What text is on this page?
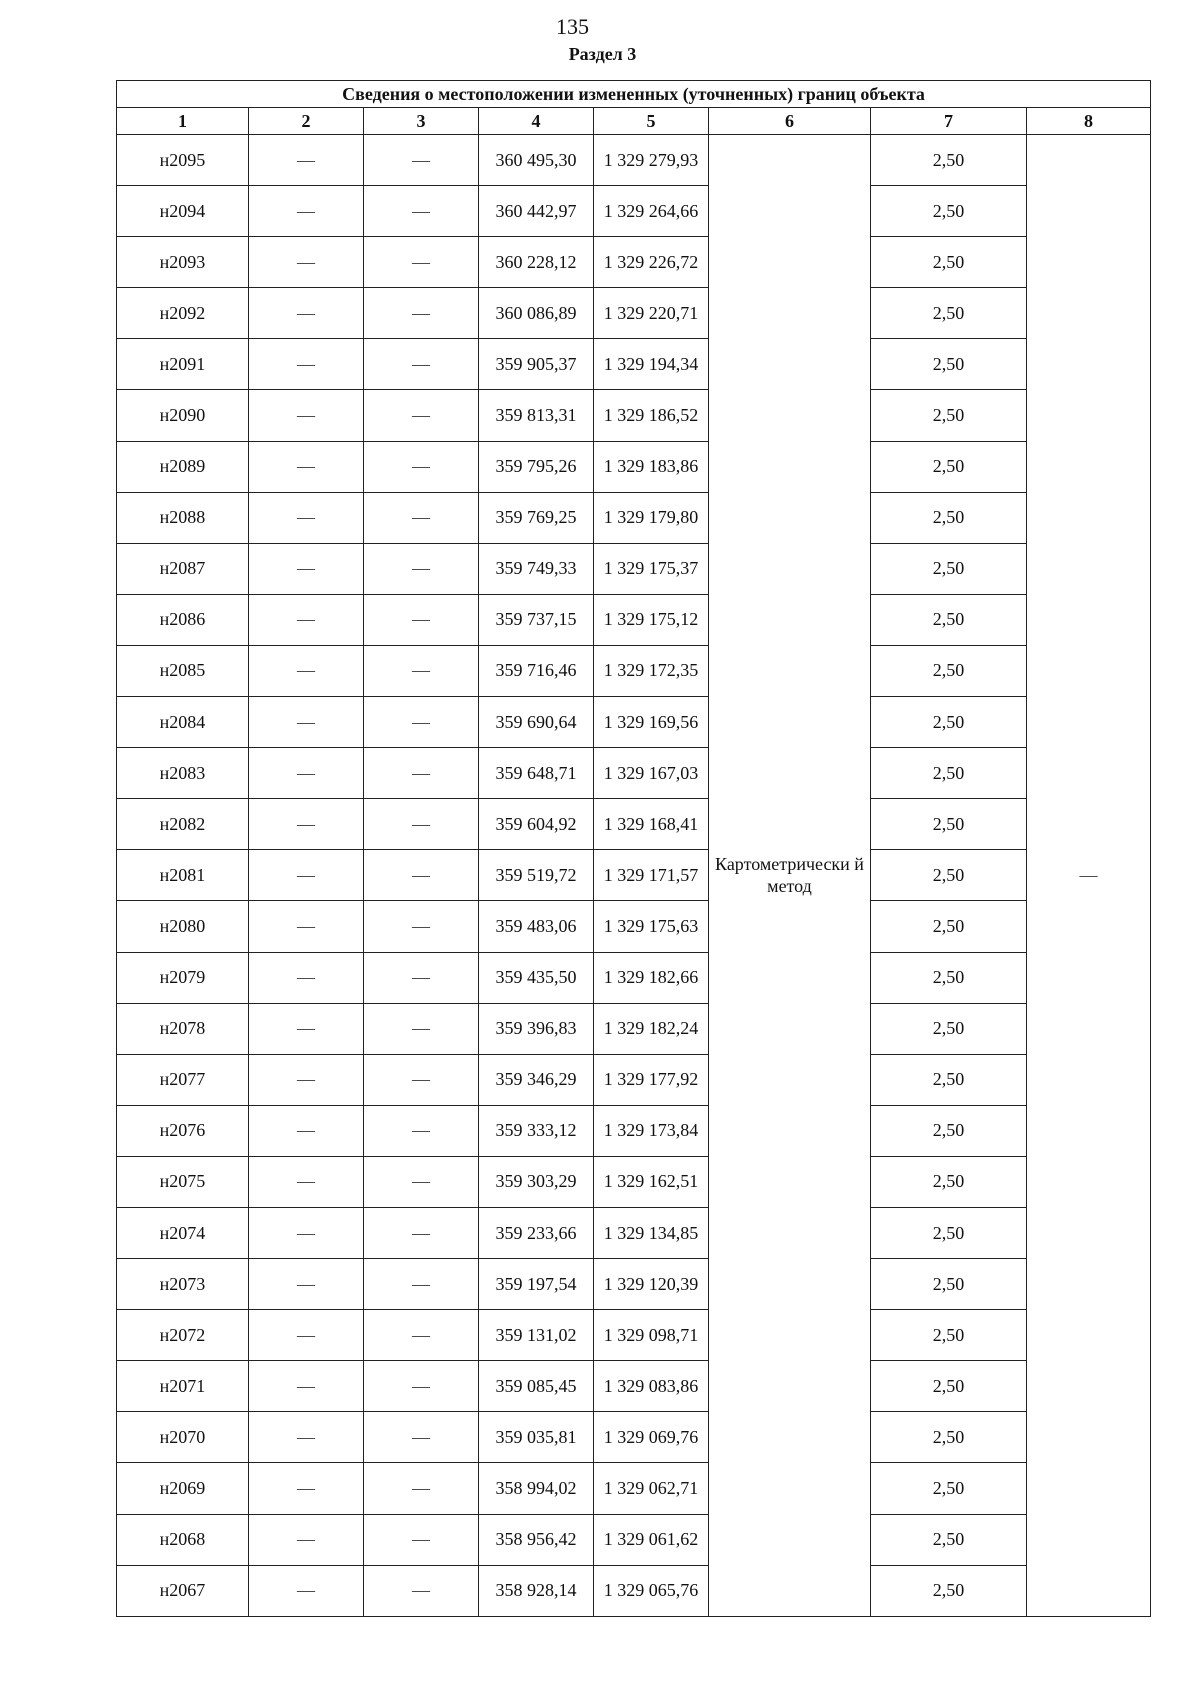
135
Раздел 3
Сведения о местоположении измененных (уточненных) границ объекта							
1	2	3	4	5	6	7	8
н2095	—	—	360 495,30	1 329 279,93	Картометрически й метод	2,50	—
н2094	—	—	360 442,97	1 329 264,66		2,50	
н2093	—	—	360 228,12	1 329 226,72		2,50	
н2092	—	—	360 086,89	1 329 220,71		2,50	
н2091	—	—	359 905,37	1 329 194,34		2,50	
н2090	—	—	359 813,31	1 329 186,52		2,50	
н2089	—	—	359 795,26	1 329 183,86		2,50	
н2088	—	—	359 769,25	1 329 179,80		2,50	
н2087	—	—	359 749,33	1 329 175,37		2,50	
н2086	—	—	359 737,15	1 329 175,12		2,50	
н2085	—	—	359 716,46	1 329 172,35		2,50	
н2084	—	—	359 690,64	1 329 169,56		2,50	
н2083	—	—	359 648,71	1 329 167,03		2,50	
н2082	—	—	359 604,92	1 329 168,41		2,50	
н2081	—	—	359 519,72	1 329 171,57		2,50	
н2080	—	—	359 483,06	1 329 175,63		2,50	
н2079	—	—	359 435,50	1 329 182,66		2,50	
н2078	—	—	359 396,83	1 329 182,24		2,50	
н2077	—	—	359 346,29	1 329 177,92		2,50	
н2076	—	—	359 333,12	1 329 173,84		2,50	
н2075	—	—	359 303,29	1 329 162,51		2,50	
н2074	—	—	359 233,66	1 329 134,85		2,50	
н2073	—	—	359 197,54	1 329 120,39		2,50	
н2072	—	—	359 131,02	1 329 098,71		2,50	
н2071	—	—	359 085,45	1 329 083,86		2,50	
н2070	—	—	359 035,81	1 329 069,76		2,50	
н2069	—	—	358 994,02	1 329 062,71		2,50	
н2068	—	—	358 956,42	1 329 061,62		2,50	
н2067	—	—	358 928,14	1 329 065,76		2,50	
